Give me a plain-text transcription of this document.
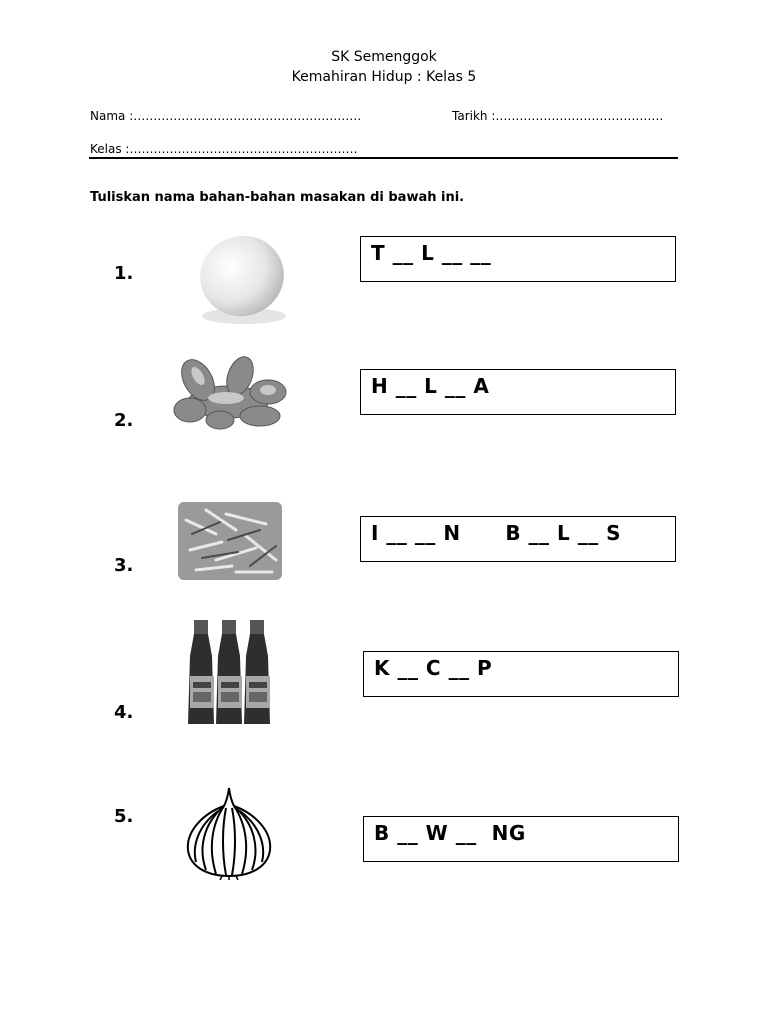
SK Semenggok
Kemahiran Hidup : Kelas 5
Nama :…………………………………………………	Tarikh :……………………………………
Kelas :…………………………………………………
Tuliskan nama bahan-bahan masakan di bawah ini.
1.
T __ L __ __
2.
H __ L __ A
3.
I __ __ N      B __ L __ S
4.
K __ C __ P
5.
B __ W __  NG
